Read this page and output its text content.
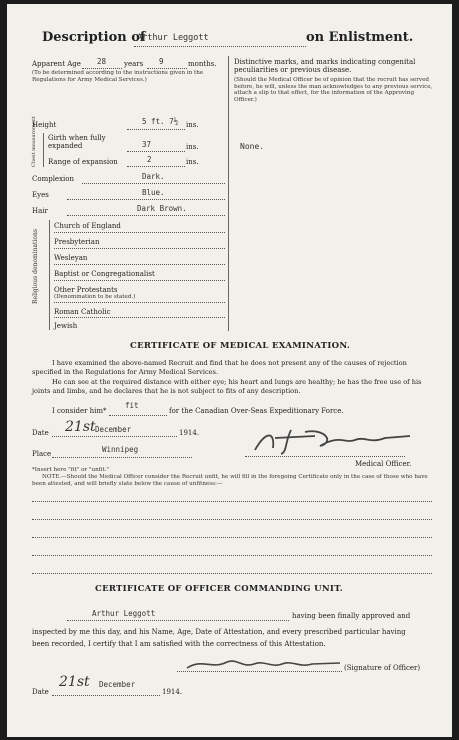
Description of
Arthur Leggott	on Enlistment.
Apparent Age 28	years 9	months.
(To be determined according to the instructions given in the Regulations for Army Medical Services.)
Distinctive marks, and marks indicating congenital peculiarities or previous disease.
(Should the Medical Officer be of opinion that the recruit has served before, he will, unless the man acknowledges to any previous service, attach a slip to that effect, for the information of the Approving Officer.)
None.
Height	5 ft. 7½ ins.
Chest measurement Girth when fully expanded	37	ins.
Range of expansion	2	ins.
Complexion	Dark.
Eyes	Blue.
Hair	Dark Brown.
Religious denominations
Church of England
Presbyterian
Wesleyan
Baptist or Congregationalist
Other Protestants
(Denomination to be stated.)
Roman Catholic
Jewish
CERTIFICATE OF MEDICAL EXAMINATION.
I have examined the above-named Recruit and find that he does not present any of the causes of rejection specified in the Regulations for Army Medical Services.
He can see at the required distance with either eye; his heart and lungs are healthy; he has the free use of his joints and limbs, and he declares that he is not subject to fits of any description.
I consider him*
fit
for the Canadian Over-Seas Expeditionary Force.
Date 21st December	1914.
Place	Winnipeg
Medical Officer.
*Insert here "fit" or "unfit."
NOTE.—Should the Medical Officer consider the Recruit unfit, he will fill in the foregoing Certificate only in the case of those who have been attested, and will briefly state below the cause of unfitness:—
CERTIFICATE OF OFFICER COMMANDING UNIT.
Arthur Leggott	having been finally approved and
inspected by me this day, and his Name, Age, Date of Attestation, and every prescribed particular having
been recorded, I certify that I am satisfied with the correctness of this Attestation.
(Signature of Officer)
Date
21st December
1914.
